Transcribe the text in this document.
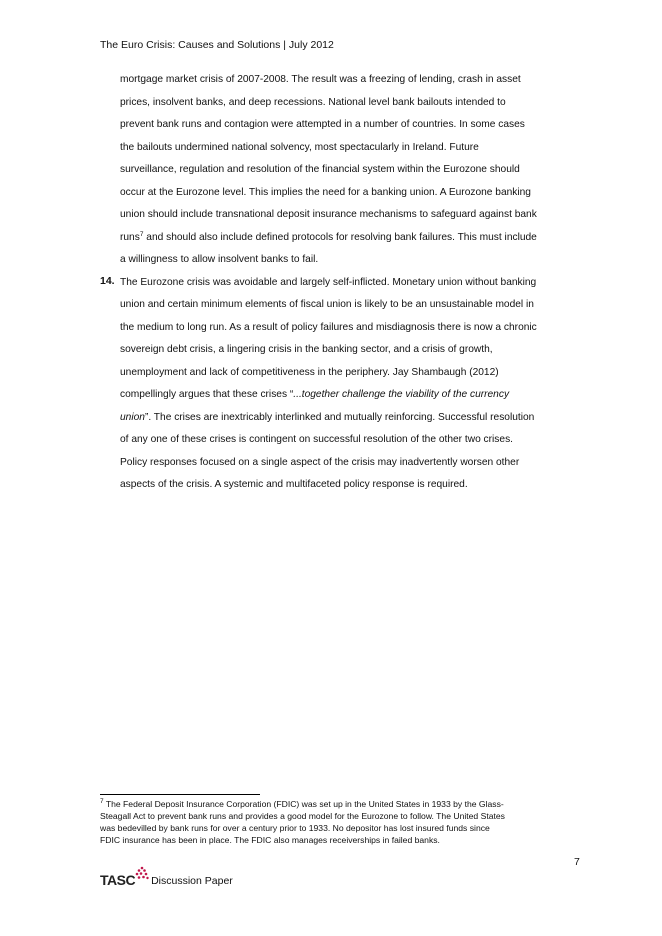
The Euro Crisis: Causes and Solutions | July 2012
mortgage market crisis of 2007-2008. The result was a freezing of lending, crash in asset
prices, insolvent banks, and deep recessions. National level bank bailouts intended to
prevent bank runs and contagion were attempted in a number of countries. In some cases
the bailouts undermined national solvency, most spectacularly in Ireland. Future
surveillance, regulation and resolution of the financial system within the Eurozone should
occur at the Eurozone level. This implies the need for a banking union. A Eurozone banking
union should include transnational deposit insurance mechanisms to safeguard against bank
runs$^7$ and should also include defined protocols for resolving bank failures. This must include
a willingness to allow insolvent banks to fail.
14. The Eurozone crisis was avoidable and largely self-inflicted. Monetary union without banking
union and certain minimum elements of fiscal union is likely to be an unsustainable model in
the medium to long run. As a result of policy failures and misdiagnosis there is now a chronic
sovereign debt crisis, a lingering crisis in the banking sector, and a crisis of growth,
unemployment and lack of competitiveness in the periphery. Jay Shambaugh (2012)
compellingly argues that these crises “...together challenge the viability of the currency
union”. The crises are inextricably interlinked and mutually reinforcing. Successful resolution
of any one of these crises is contingent on successful resolution of the other two crises.
Policy responses focused on a single aspect of the crisis may inadvertently worsen other
aspects of the crisis. A systemic and multifaceted policy response is required.
$^7$ The Federal Deposit Insurance Corporation (FDIC) was set up in the United States in 1933 by the Glass-
Steagall Act to prevent bank runs and provides a good model for the Eurozone to follow. The United States
was bedevilled by bank runs for over a century prior to 1933. No depositor has lost insured funds since
FDIC insurance has been in place. The FDIC also manages receiverships in failed banks.
7
TASC Discussion Paper
